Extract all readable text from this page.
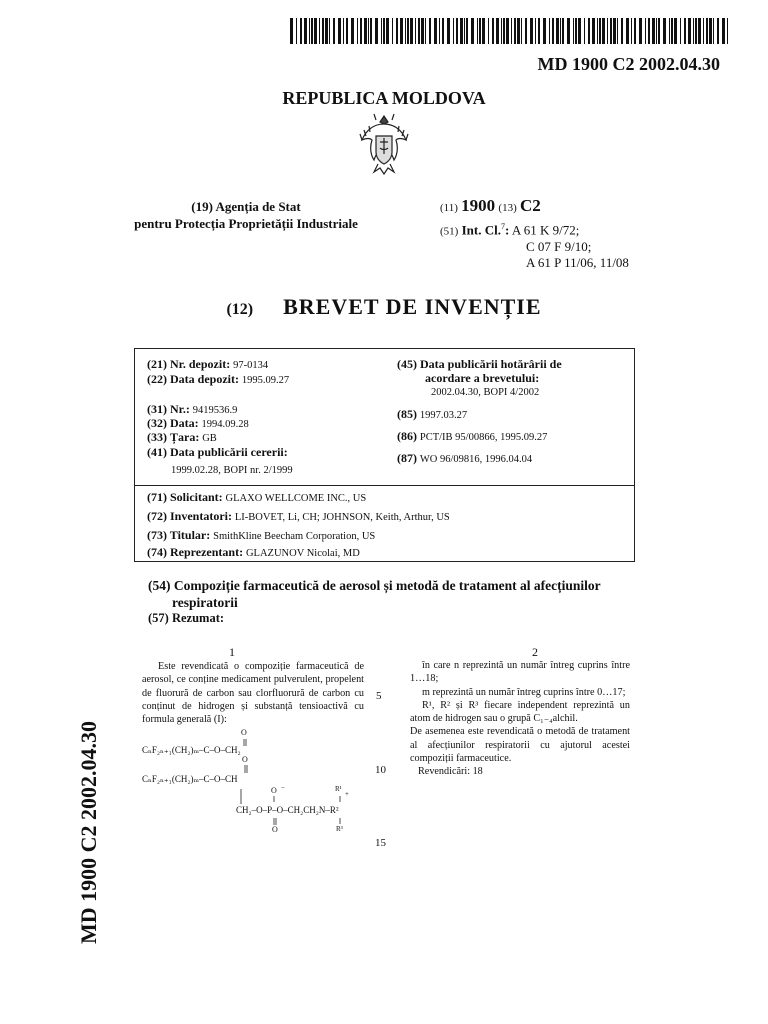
MD 1900 C2 2002.04.30
REPUBLICA MOLDOVA
(19) Agenția de Stat
pentru Protecția Proprietății Industriale
(11) 1900 (13) C2
(51) Int. Cl.$^7$: A 61 K 9/72;
C 07 F 9/10;
A 61 P 11/06, 11/08
(12) BREVET DE INVENȚIE
(21) Nr. depozit: 97-0134
(22) Data depozit: 1995.09.27
(31) Nr.: 9419536.9
(32) Data: 1994.09.28
(33) Țara: GB
(41) Data publicării cererii:
1999.02.28, BOPI nr. 2/1999
(45) Data publicării hotărârii de
acordare a brevetului:
2002.04.30, BOPI 4/2002
(85) 1997.03.27
(86) PCT/IB 95/00866, 1995.09.27
(87) WO 96/09816, 1996.04.04
(71) Solicitant: GLAXO WELLCOME INC., US
(72) Inventatori: LI-BOVET, Li, CH; JOHNSON, Keith, Arthur, US
(73) Titular: SmithKline Beecham Corporation, US
(74) Reprezentant: GLAZUNOV Nicolai, MD
(54) Compoziție farmaceutică de aerosol și metodă de tratament al afecțiunilor
respiratorii
(57) Rezumat:
1	2
Este revendicată o compoziție farmaceutică de aerosol, ce conține medicament pulverulent, propelent de fluorură de carbon sau clorfluorură de carbon cu conținut de hidrogen și substanță tensioactivă cu formula generală (I):
O
CₙF₂ₙ₊₁(CH₂)ₘ–C–O–CH₂
O
CₙF₂ₙ₊₁(CH₂)ₘ–C–O–CH
O −	R¹
+
CH₂–O–P–O–CH₂CH₂N–R²
O	R³
5
10
15

în care n reprezintă un număr întreg cuprins între 1…18;

m reprezintă un număr întreg cuprins între 0…17;

R¹, R² și R³ fiecare independent reprezintă un atom de hidrogen sau o grupă C₁₋₄alchil.

De asemenea este revendicată o metodă de tratament al afecțiunilor respiratorii cu ajutorul acestei compoziții farmaceutice.

Revendicări: 18

MD 1900 C2 2002.04.30
